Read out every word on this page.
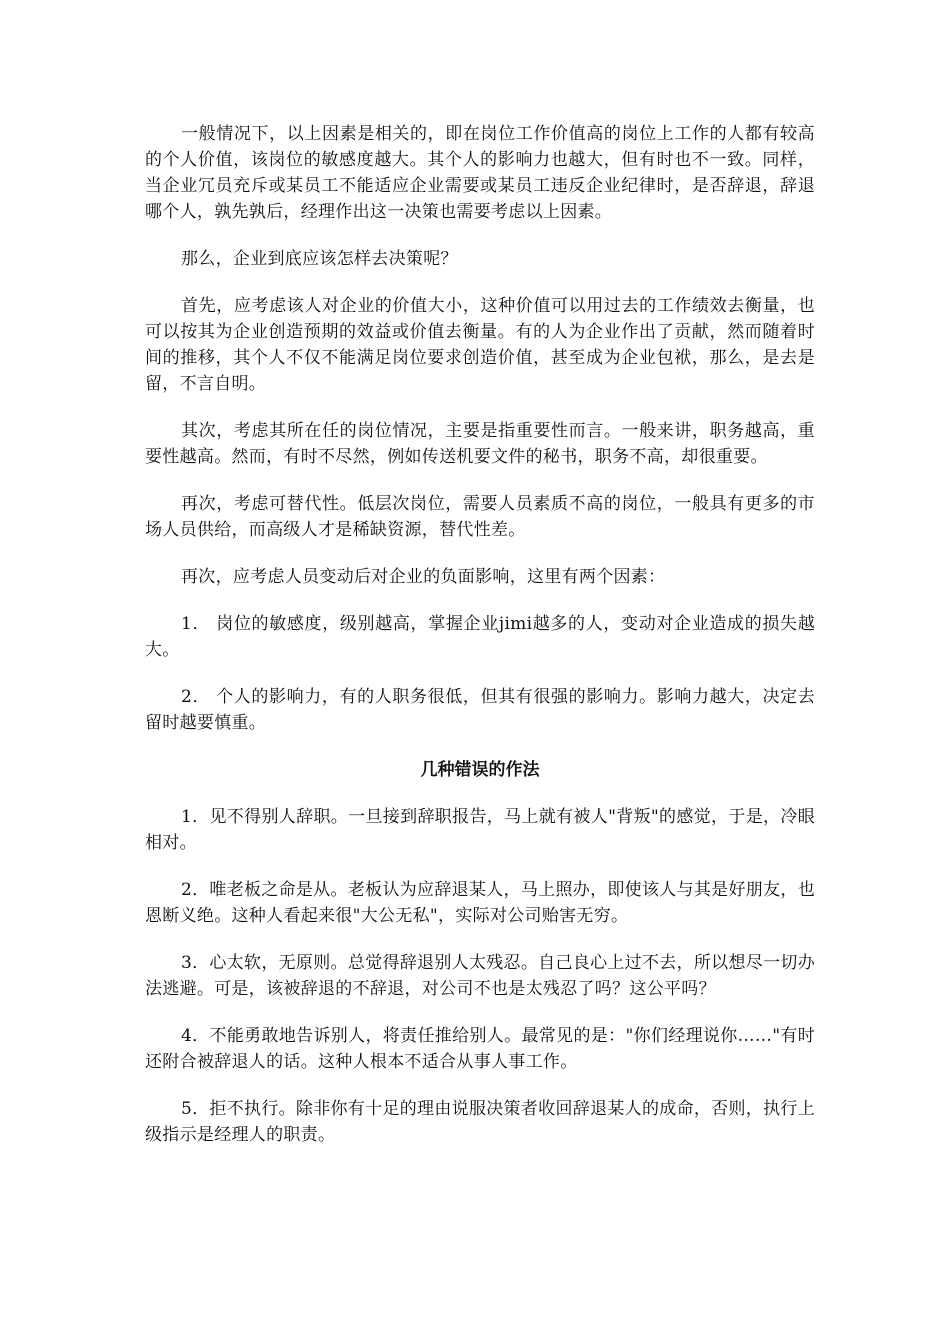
一般情况下，以上因素是相关的，即在岗位工作价值高的岗位上工作的人都有较高的个人价值，该岗位的敏感度越大。其个人的影响力也越大，但有时也不一致。同样，当企业冗员充斥或某员工不能适应企业需要或某员工违反企业纪律时，是否辞退，辞退哪个人，孰先孰后，经理作出这一决策也需要考虑以上因素。

那么，企业到底应该怎样去决策呢？

首先，应考虑该人对企业的价值大小，这种价值可以用过去的工作绩效去衡量，也可以按其为企业创造预期的效益或价值去衡量。有的人为企业作出了贡献，然而随着时间的推移，其个人不仅不能满足岗位要求创造价值，甚至成为企业包袱，那么，是去是留，不言自明。

其次，考虑其所在任的岗位情况，主要是指重要性而言。一般来讲，职务越高，重要性越高。然而，有时不尽然，例如传送机要文件的秘书，职务不高，却很重要。

再次，考虑可替代性。低层次岗位，需要人员素质不高的岗位，一般具有更多的市场人员供给，而高级人才是稀缺资源，替代性差。

再次，应考虑人员变动后对企业的负面影响，这里有两个因素：

1． 岗位的敏感度，级别越高，掌握企业jimi越多的人，变动对企业造成的损失越大。

2． 个人的影响力，有的人职务很低，但其有很强的影响力。影响力越大，决定去留时越要慎重。

几种错误的作法

1．见不得别人辞职。一旦接到辞职报告，马上就有被人"背叛"的感觉，于是，冷眼相对。

2．唯老板之命是从。老板认为应辞退某人，马上照办，即使该人与其是好朋友，也恩断义绝。这种人看起来很"大公无私"，实际对公司贻害无穷。

3．心太软，无原则。总觉得辞退别人太残忍。自己良心上过不去，所以想尽一切办法逃避。可是，该被辞退的不辞退，对公司不也是太残忍了吗？这公平吗？

4．不能勇敢地告诉别人，将责任推给别人。最常见的是："你们经理说你……"有时还附合被辞退人的话。这种人根本不适合从事人事工作。

5．拒不执行。除非你有十足的理由说服决策者收回辞退某人的成命，否则，执行上级指示是经理人的职责。
